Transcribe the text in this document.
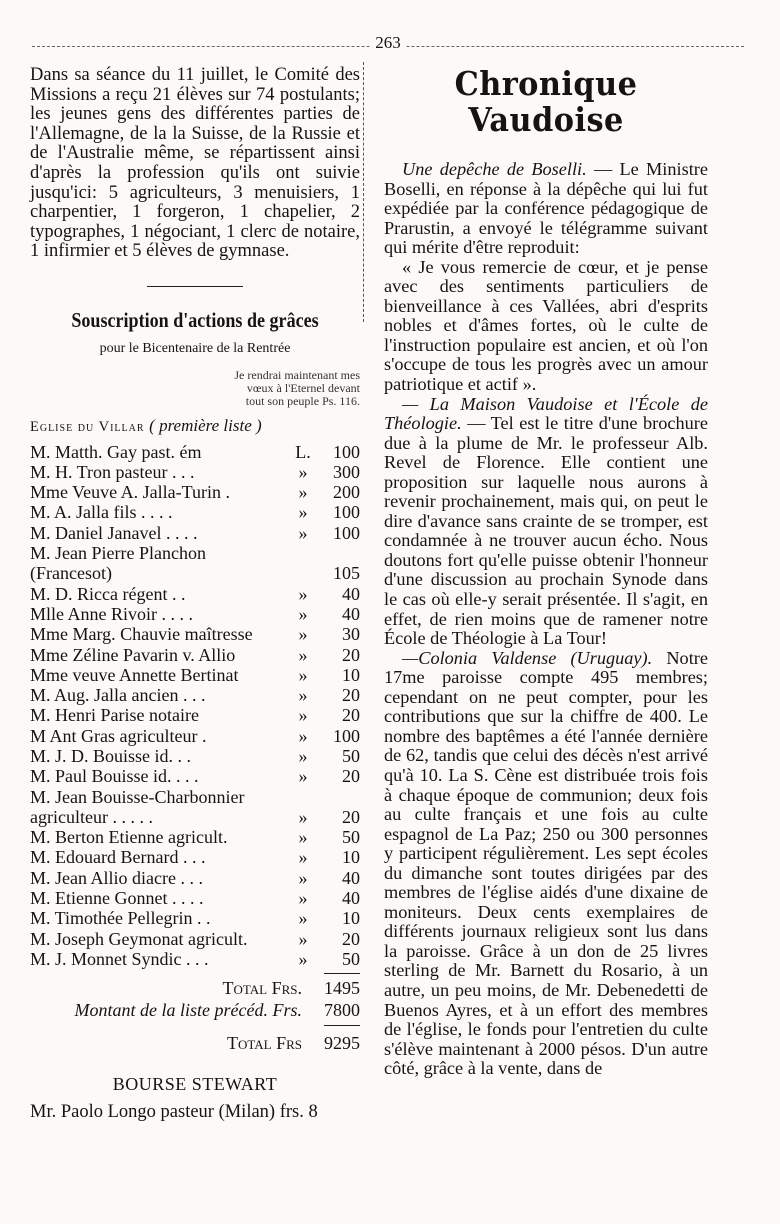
263

Dans sa séance du 11 juillet, le Comité des Missions a reçu 21 élèves sur 74 postulants; les jeunes gens des différentes parties de l'Allemagne, de la la Suisse, de la Russie et de l'Australie même, se répartissent ainsi d'après la profession qu'ils ont suivie jusqu'ici: 5 agriculteurs, 3 menuisiers, 1 charpentier, 1 forgeron, 1 chapelier, 2 typographes, 1 négociant, 1 clerc de notaire, 1 infirmier et 5 élèves de gymnase.

Souscription d'actions de grâces

pour le Bicentenaire de la Rentrée

Je rendrai maintenant mes
vœux à l'Eternel devant
tout son peuple Ps. 116.
Eglise du Villar ( première liste )
M. Matth. Gay past. ém	L.	100
M. H. Tron pasteur . . .	»	300
Mme Veuve A. Jalla-Turin .	»	200
M. A. Jalla fils . . . .	»	100
M. Daniel Janavel . . . .	»	100
M. Jean Pierre Planchon (Francesot)	105
M. D. Ricca régent . .	»	40
Mlle Anne Rivoir . . . .	»	40
Mme Marg. Chauvie maîtresse	»	30
Mme Zéline Pavarin v. Allio	»	20
Mme veuve Annette Bertinat	»	10
M. Aug. Jalla ancien . . .	»	20
M. Henri Parise notaire	»	20
M Ant Gras agriculteur .	»	100
M. J. D. Bouisse id. . .	»	50
M. Paul Bouisse id. . . .	»	20
M. Jean Bouisse-Charbonnier agriculteur . . . . .	»	20
M. Berton Etienne agricult.	»	50
M. Edouard Bernard . . .	»	10
M. Jean Allio diacre . . .	»	40
M. Etienne Gonnet . . . .	»	40
M. Timothée Pellegrin . .	»	10
M. Joseph Geymonat agricult.	»	20
M. J. Monnet Syndic . . .	»	50
Total Frs.	1495
Montant de la liste précéd. Frs.	7800
Total Frs	9295
BOURSE STEWART

Mr. Paolo Longo pasteur (Milan) frs. 8

Chronique Vaudoise

Une depêche de Boselli. — Le Ministre Boselli, en réponse à la dépêche qui lui fut expédiée par la conférence pédagogique de Prarustin, a envoyé le télégramme suivant qui mérite d'être reproduit:

« Je vous remercie de cœur, et je pense avec des sentiments particuliers de bienveillance à ces Vallées, abri d'esprits nobles et d'âmes fortes, où le culte de l'instruction populaire est ancien, et où l'on s'occupe de tous les progrès avec un amour patriotique et actif ».

— La Maison Vaudoise et l'École de Théologie. — Tel est le titre d'une brochure due à la plume de Mr. le professeur Alb. Revel de Florence. Elle contient une proposition sur laquelle nous aurons à revenir prochainement, mais qui, on peut le dire d'avance sans crainte de se tromper, est condamnée à ne trouver aucun écho. Nous doutons fort qu'elle puisse obtenir l'honneur d'une discussion au prochain Synode dans le cas où elle-y serait présentée. Il s'agit, en effet, de rien moins que de ramener notre École de Théologie à La Tour!

—Colonia Valdense (Uruguay). Notre 17me paroisse compte 495 membres; cependant on ne peut compter, pour les contributions que sur la chiffre de 400. Le nombre des baptêmes a été l'année dernière de 62, tandis que celui des décès n'est arrivé qu'à 10. La S. Cène est distribuée trois fois à chaque époque de communion; deux fois au culte français et une fois au culte espagnol de La Paz; 250 ou 300 personnes y participent régulièrement. Les sept écoles du dimanche sont toutes dirigées par des membres de l'église aidés d'une dixaine de moniteurs. Deux cents exemplaires de différents journaux religieux sont lus dans la paroisse. Grâce à un don de 25 livres sterling de Mr. Barnett du Rosario, à un autre, un peu moins, de Mr. Debenedetti de Buenos Ayres, et à un effort des membres de l'église, le fonds pour l'entretien du culte s'élève maintenant à 2000 pésos. D'un autre côté, grâce à la vente, dans de
